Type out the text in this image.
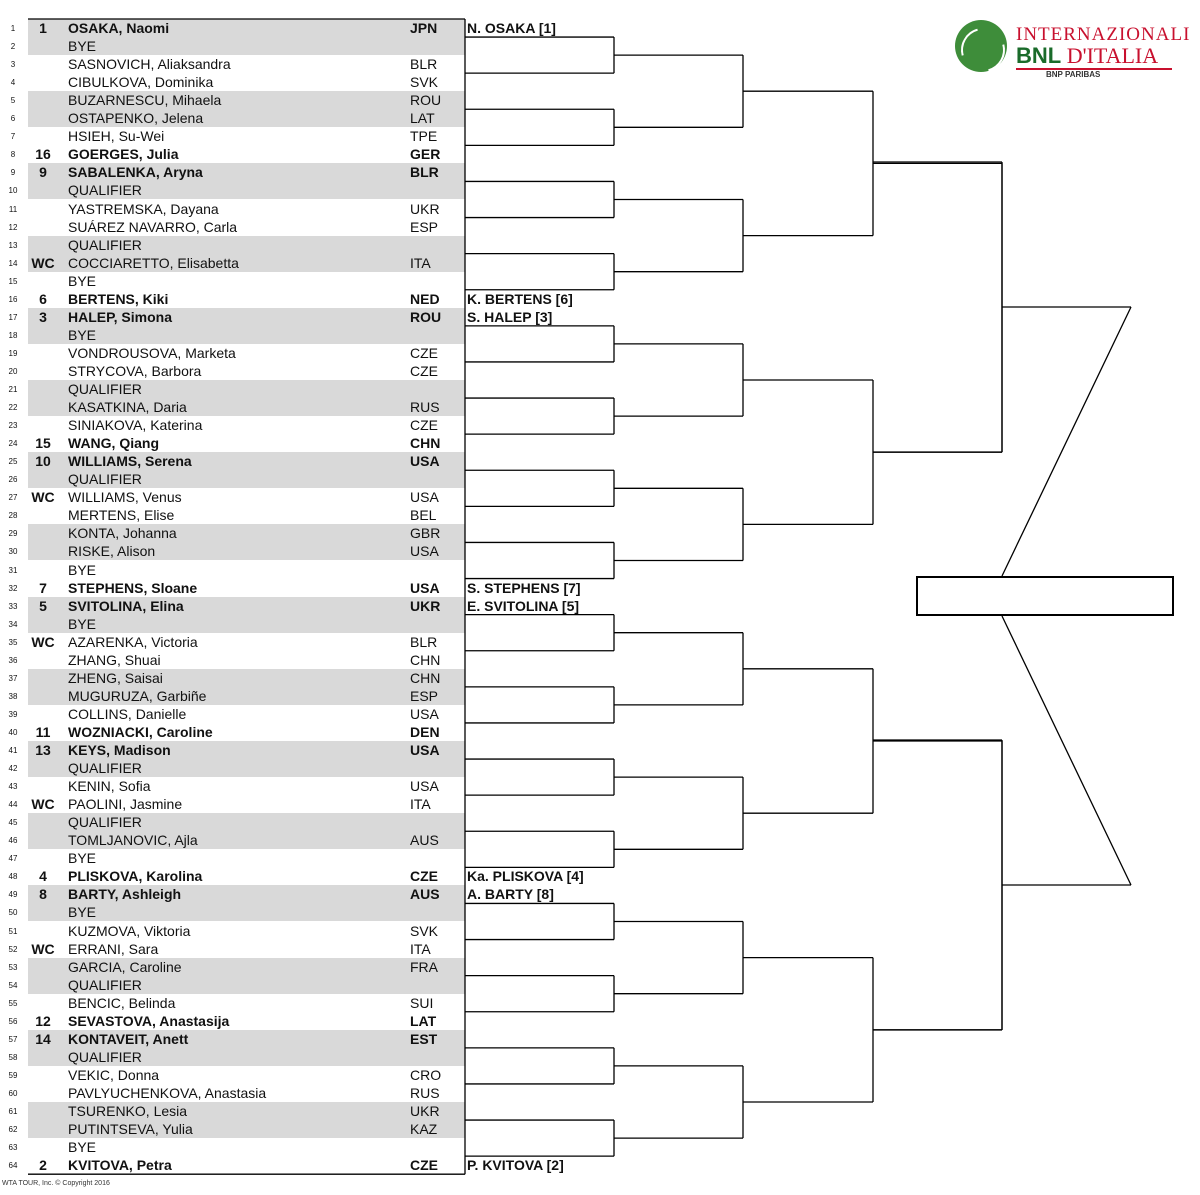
1	1	OSAKA, Naomi	JPN
2	BYE
3	SASNOVICH, Aliaksandra	BLR
4	CIBULKOVA, Dominika	SVK
5	BUZARNESCU, Mihaela	ROU
6	OSTAPENKO, Jelena	LAT
7	HSIEH, Su-Wei	TPE
8	16	GOERGES, Julia	GER
9	9	SABALENKA, Aryna	BLR
10	QUALIFIER
11	YASTREMSKA, Dayana	UKR
12	SUÁREZ NAVARRO, Carla	ESP
13	QUALIFIER
14 WC COCCIARETTO, Elisabetta	ITA
15	BYE
16	6	BERTENS, Kiki	NED
17	3	HALEP, Simona	ROU
18	BYE
19	VONDROUSOVA, Marketa	CZE
20	STRYCOVA, Barbora	CZE
21	QUALIFIER
22	KASATKINA, Daria	RUS
23	SINIAKOVA, Katerina	CZE
24	15	WANG, Qiang	CHN
25	10	WILLIAMS, Serena	USA
26	QUALIFIER
27 WC WILLIAMS, Venus	USA
28	MERTENS, Elise	BEL
29	KONTA, Johanna	GBR
30	RISKE, Alison	USA
31	BYE
32	7	STEPHENS, Sloane	USA
33	5	SVITOLINA, Elina	UKR
34	BYE
35 WC AZARENKA, Victoria	BLR
36	ZHANG, Shuai	CHN
37	ZHENG, Saisai	CHN
38	MUGURUZA, Garbiñe	ESP
39	COLLINS, Danielle	USA
40	11	WOZNIACKI, Caroline	DEN
41	13	KEYS, Madison	USA
42	QUALIFIER
43	KENIN, Sofia	USA
44 WC PAOLINI, Jasmine	ITA
45	QUALIFIER
46	TOMLJANOVIC, Ajla	AUS
47	BYE
48	4	PLISKOVA, Karolina	CZE
49	8	BARTY, Ashleigh	AUS
50	BYE
51	KUZMOVA, Viktoria	SVK
52 WC ERRANI, Sara	ITA
53	GARCIA, Caroline	FRA
54	QUALIFIER
55	BENCIC, Belinda	SUI
56	12	SEVASTOVA, Anastasija	LAT
57	14	KONTAVEIT, Anett	EST
58	QUALIFIER
59	VEKIC, Donna	CRO
60	PAVLYUCHENKOVA, Anastasia	RUS
61	TSURENKO, Lesia	UKR
62	PUTINTSEVA, Yulia	KAZ
63	BYE
64	2	KVITOVA, Petra	CZE
N. OSAKA [1]
K. BERTENS [6]
S. HALEP [3]
S. STEPHENS [7]
E. SVITOLINA [5]
Ka. PLISKOVA [4]
A. BARTY [8]
P. KVITOVA [2]
INTERNAZIONALI
BNL D'ITALIA
BNP PARIBAS
WTA TOUR, Inc. © Copyright 2016
